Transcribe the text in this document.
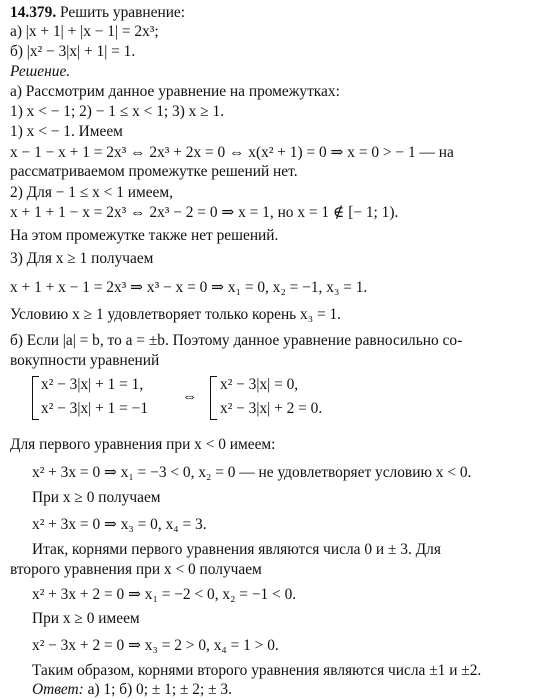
14.379. Решить уравнение:
а) |x + 1| + |x − 1| = 2x³;
б) |x² − 3|x| + 1| = 1.
Решение.
а) Рассмотрим данное уравнение на промежутках:
1) x < − 1; 2) − 1 ≤ x < 1; 3) x ≥ 1.
1) x < − 1. Имеем
x − 1 − x + 1 = 2x³ ⇔ 2x³ + 2x = 0 ⇔ x(x² + 1) = 0 ⇒ x = 0 > − 1 — на
рассматриваемом промежутке решений нет.
2) Для − 1 ≤ x < 1 имеем,
x + 1 + 1 − x = 2x³ ⇔ 2x³ − 2 = 0 ⇒ x = 1, но x = 1 ∉ [− 1; 1).
На этом промежутке также нет решений.
3) Для x ≥ 1 получаем
x + 1 + x − 1 = 2x³ ⇒ x³ − x = 0 ⇒ x₁ = 0, x₂ = −1, x₃ = 1.
Условию x ≥ 1 удовлетворяет только корень x₃ = 1.
б) Если |a| = b, то a = ±b. Поэтому данное уравнение равносильно со-
вокупности уравнений
x² − 3|x| + 1 = 1,
x² − 3|x| + 1 = −1
⇔
x² − 3|x| = 0,
x² − 3|x| + 2 = 0.
Для первого уравнения при x < 0 имеем:
x² + 3x = 0 ⇒ x₁ = −3 < 0, x₂ = 0 — не удовлетворяет условию x < 0.
При x ≥ 0 получаем
x² + 3x = 0 ⇒ x₃ = 0, x₄ = 3.
Итак, корнями первого уравнения являются числа 0 и ± 3. Для
второго уравнения при x < 0 получаем
x² + 3x + 2 = 0 ⇒ x₁ = −2 < 0, x₂ = −1 < 0.
При x ≥ 0 имеем
x² − 3x + 2 = 0 ⇒ x₃ = 2 > 0, x₄ = 1 > 0.
Таким образом, корнями второго уравнения являются числа ±1 и ±2.
Ответ: а) 1; б) 0; ± 1; ± 2; ± 3.
